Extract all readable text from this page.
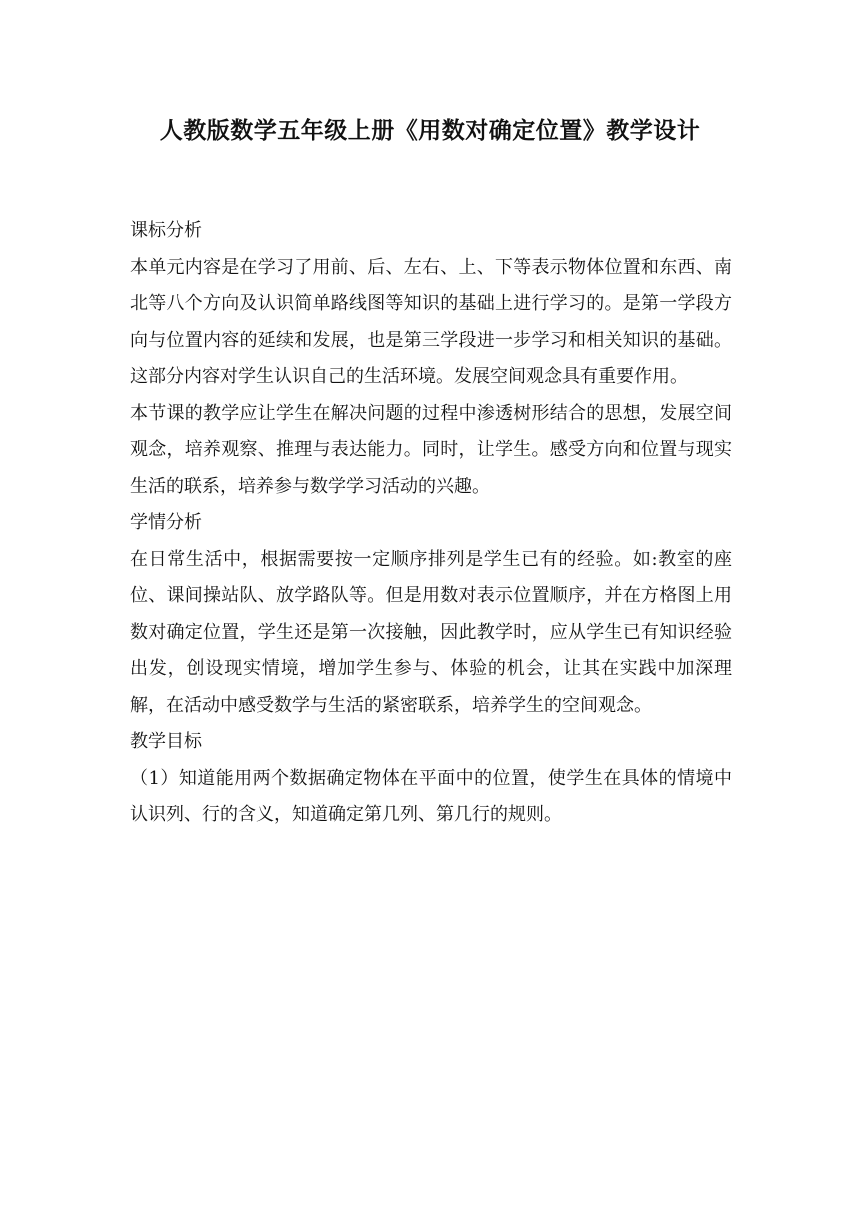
人教版数学五年级上册《用数对确定位置》教学设计

课标分析

本单元内容是在学习了用前、后、左右、上、下等表示物体位置和东西、南北等八个方向及认识简单路线图等知识的基础上进行学习的。是第一学段方向与位置内容的延续和发展，也是第三学段进一步学习和相关知识的基础。这部分内容对学生认识自己的生活环境。发展空间观念具有重要作用。

本节课的教学应让学生在解决问题的过程中渗透树形结合的思想，发展空间观念，培养观察、推理与表达能力。同时，让学生。感受方向和位置与现实生活的联系，培养参与数学学习活动的兴趣。

学情分析

在日常生活中，根据需要按一定顺序排列是学生已有的经验。如:教室的座位、课间操站队、放学路队等。但是用数对表示位置顺序，并在方格图上用数对确定位置，学生还是第一次接触，因此教学时，应从学生已有知识经验出发，创设现实情境，增加学生参与、体验的机会，让其在实践中加深理解，在活动中感受数学与生活的紧密联系，培养学生的空间观念。

教学目标

（1）知道能用两个数据确定物体在平面中的位置，使学生在具体的情境中认识列、行的含义，知道确定第几列、第几行的规则。
